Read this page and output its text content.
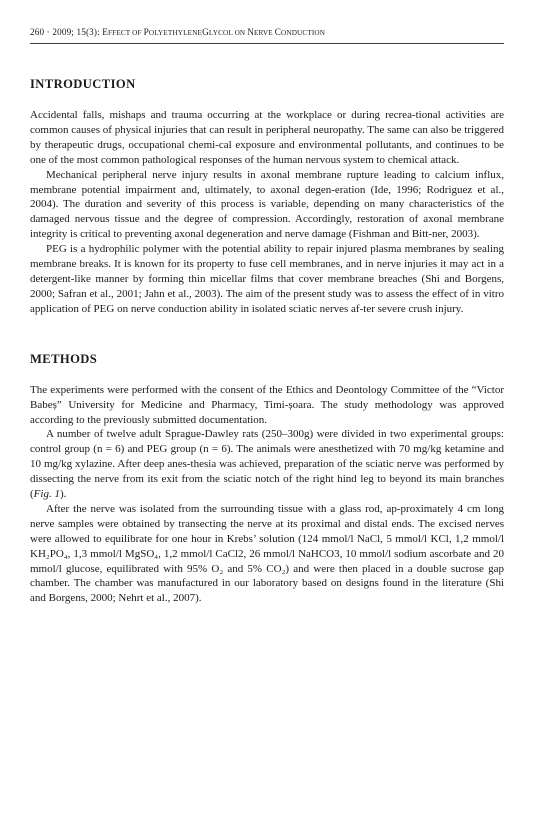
260 · 2009; 15(3): EFFECT OF POLYETHYLENEGLYCOL ON NERVE CONDUCTION
INTRODUCTION

Accidental falls, mishaps and trauma occurring at the workplace or during recrea-tional activities are common causes of physical injuries that can result in peripheral neuropathy. The same can also be triggered by therapeutic drugs, occupational chemi-cal exposure and environmental pollutants, and continues to be one of the most common pathological responses of the human nervous system to chemical attack.

Mechanical peripheral nerve injury results in axonal membrane rupture leading to calcium influx, membrane potential impairment and, ultimately, to axonal degen-eration (Ide, 1996; Rodriguez et al., 2004). The duration and severity of this process is variable, depending on many characteristics of the damaged nervous tissue and the degree of compression. Accordingly, restoration of axonal membrane integrity is critical to preventing axonal degeneration and nerve damage (Fishman and Bitt-ner, 2003).

PEG is a hydrophilic polymer with the potential ability to repair injured plasma membranes by sealing membrane breaks. It is known for its property to fuse cell membranes, and in nerve injuries it may act in a detergent-like manner by forming thin micellar films that cover membrane breaches (Shi and Borgens, 2000; Safran et al., 2001; Jahn et al., 2003). The aim of the present study was to assess the effect of in vitro application of PEG on nerve conduction ability in isolated sciatic nerves af-ter severe crush injury.

METHODS

The experiments were performed with the consent of the Ethics and Deontology Committee of the “Victor Babeș” University for Medicine and Pharmacy, Timi-șoara. The study methodology was approved according to the previously submitted documentation.

A number of twelve adult Sprague-Dawley rats (250–300g) were divided in two experimental groups: control group (n = 6) and PEG group (n = 6). The animals were anesthetized with 70 mg/kg ketamine and 10 mg/kg xylazine. After deep anes-thesia was achieved, preparation of the sciatic nerve was performed by dissecting the nerve from its exit from the sciatic notch of the right hind leg to beyond its main branches (Fig. 1).

After the nerve was isolated from the surrounding tissue with a glass rod, ap-proximately 4 cm long nerve samples were obtained by transecting the nerve at its proximal and distal ends. The excised nerves were allowed to equilibrate for one hour in Krebs’ solution (124 mmol/l NaCl, 5 mmol/l KCl, 1,2 mmol/l KH₂PO₄, 1,3 mmol/l MgSO₄, 1,2 mmol/l CaCl2, 26 mmol/l NaHCO3, 10 mmol/l sodium ascorbate and 20 mmol/l glucose, equilibrated with 95% O₂ and 5% CO₂) and were then placed in a double sucrose gap chamber. The chamber was manufactured in our laboratory based on designs found in the literature (Shi and Borgens, 2000; Nehrt et al., 2007).
